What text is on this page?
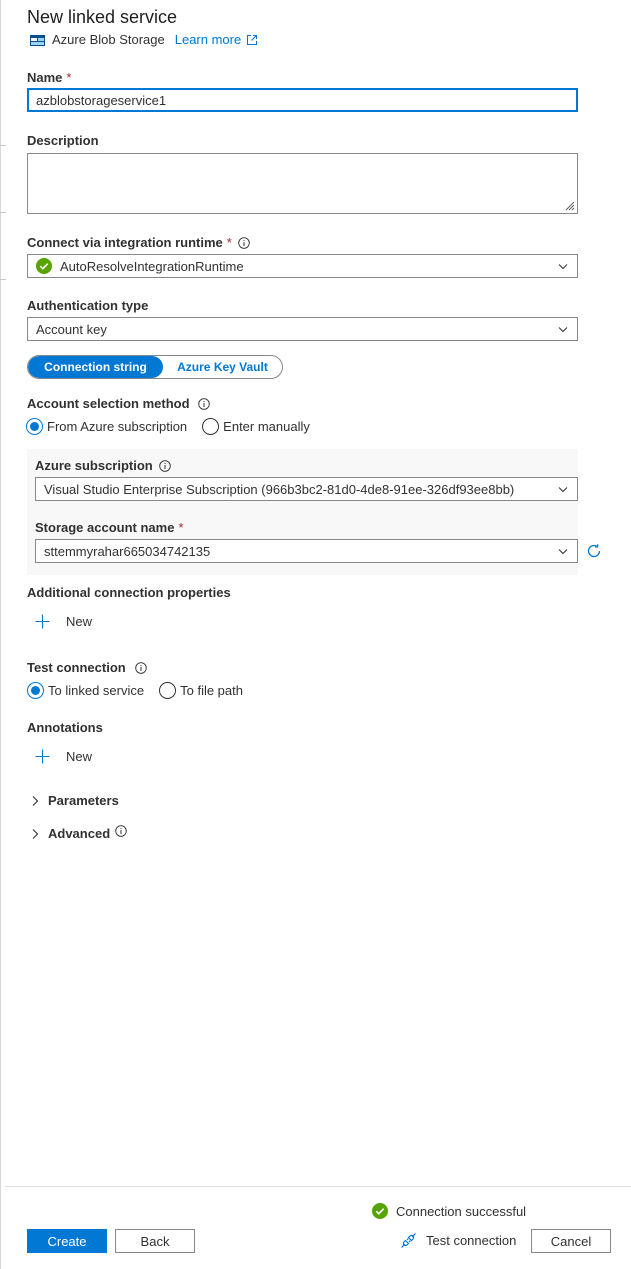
New linked service
Azure Blob Storage Learn more
Name *
azblobstorageservice1
Description
Connect via integration runtime *
AutoResolveIntegrationRuntime
Authentication type
Account key
Connection string	Azure Key Vault
Account selection method
From Azure subscription	Enter manually
Azure subscription
Visual Studio Enterprise Subscription (966b3bc2-81d0-4de8-91ee-326df93ee8bb)
Storage account name *
sttemmyrahar665034742135
Additional connection properties
New
Test connection
To linked service	To file path
Annotations
New
Parameters
Advanced
Connection successful
Create	Back	Test connection	Cancel
